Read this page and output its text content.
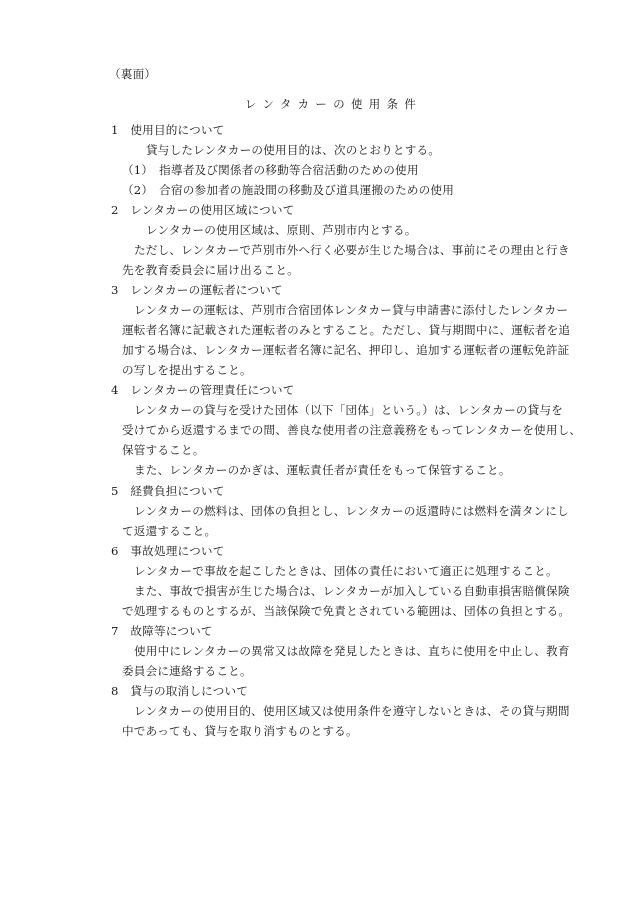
（裏面）
レンタカーの使用条件
1　使用目的について
貸与したレンタカーの使用目的は、次のとおりとする。
（1）　指導者及び関係者の移動等合宿活動のための使用
（2）　合宿の参加者の施設間の移動及び道具運搬のための使用
2　レンタカーの使用区域について
レンタカーの使用区域は、原則、芦別市内とする。
ただし、レンタカーで芦別市外へ行く必要が生じた場合は、事前にその理由と行き
先を教育委員会に届け出ること。
3　レンタカーの運転者について
レンタカーの運転は、芦別市合宿団体レンタカー貸与申請書に添付したレンタカー
運転者名簿に記載された運転者のみとすること。ただし、貸与期間中に、運転者を追
加する場合は、レンタカー運転者名簿に記名、押印し、追加する運転者の運転免許証
の写しを提出すること。
4　レンタカーの管理責任について
レンタカーの貸与を受けた団体（以下「団体」という。）は、レンタカーの貸与を
受けてから返還するまでの間、善良な使用者の注意義務をもってレンタカーを使用し、
保管すること。
また、レンタカーのかぎは、運転責任者が責任をもって保管すること。
5　経費負担について
レンタカーの燃料は、団体の負担とし、レンタカーの返還時には燃料を満タンにし
て返還すること。
6　事故処理について
レンタカーで事故を起こしたときは、団体の責任において適正に処理すること。
また、事故で損害が生じた場合は、レンタカーが加入している自動車損害賠償保険
で処理するものとするが、当該保険で免責とされている範囲は、団体の負担とする。
7　故障等について
使用中にレンタカーの異常又は故障を発見したときは、直ちに使用を中止し、教育
委員会に連絡すること。
8　貸与の取消しについて
レンタカーの使用目的、使用区域又は使用条件を遵守しないときは、その貸与期間
中であっても、貸与を取り消すものとする。
